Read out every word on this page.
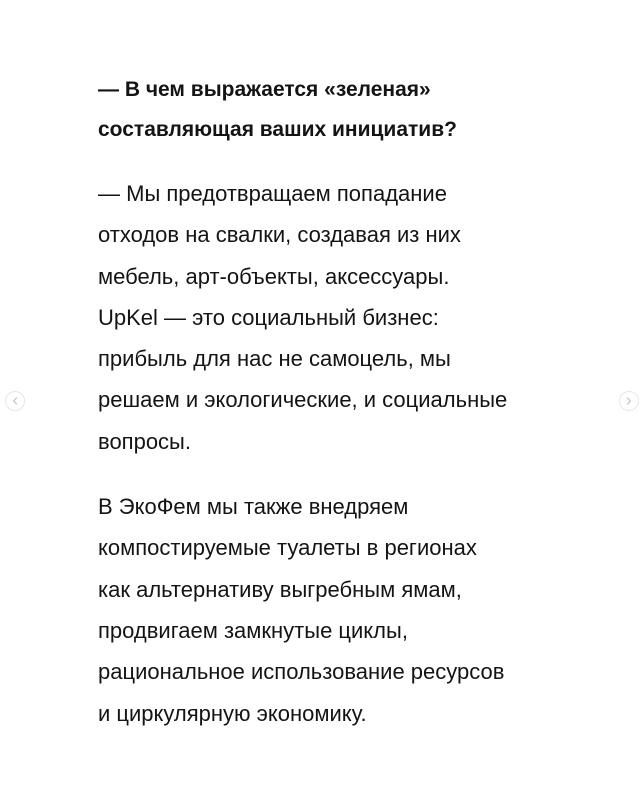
— В чем выражается «зеленая»
составляющая ваших инициатив?

— Мы предотвращаем попадание
отходов на свалки, создавая из них
мебель, арт-объекты, аксессуары.
UpKel — это социальный бизнес:
прибыль для нас не самоцель, мы
решаем и экологические, и социальные
вопросы.

В ЭкоФем мы также внедряем
компостируемые туалеты в регионах
как альтернативу выгребным ямам,
продвигаем замкнутые циклы,
рациональное использование ресурсов
и циркулярную экономику.
